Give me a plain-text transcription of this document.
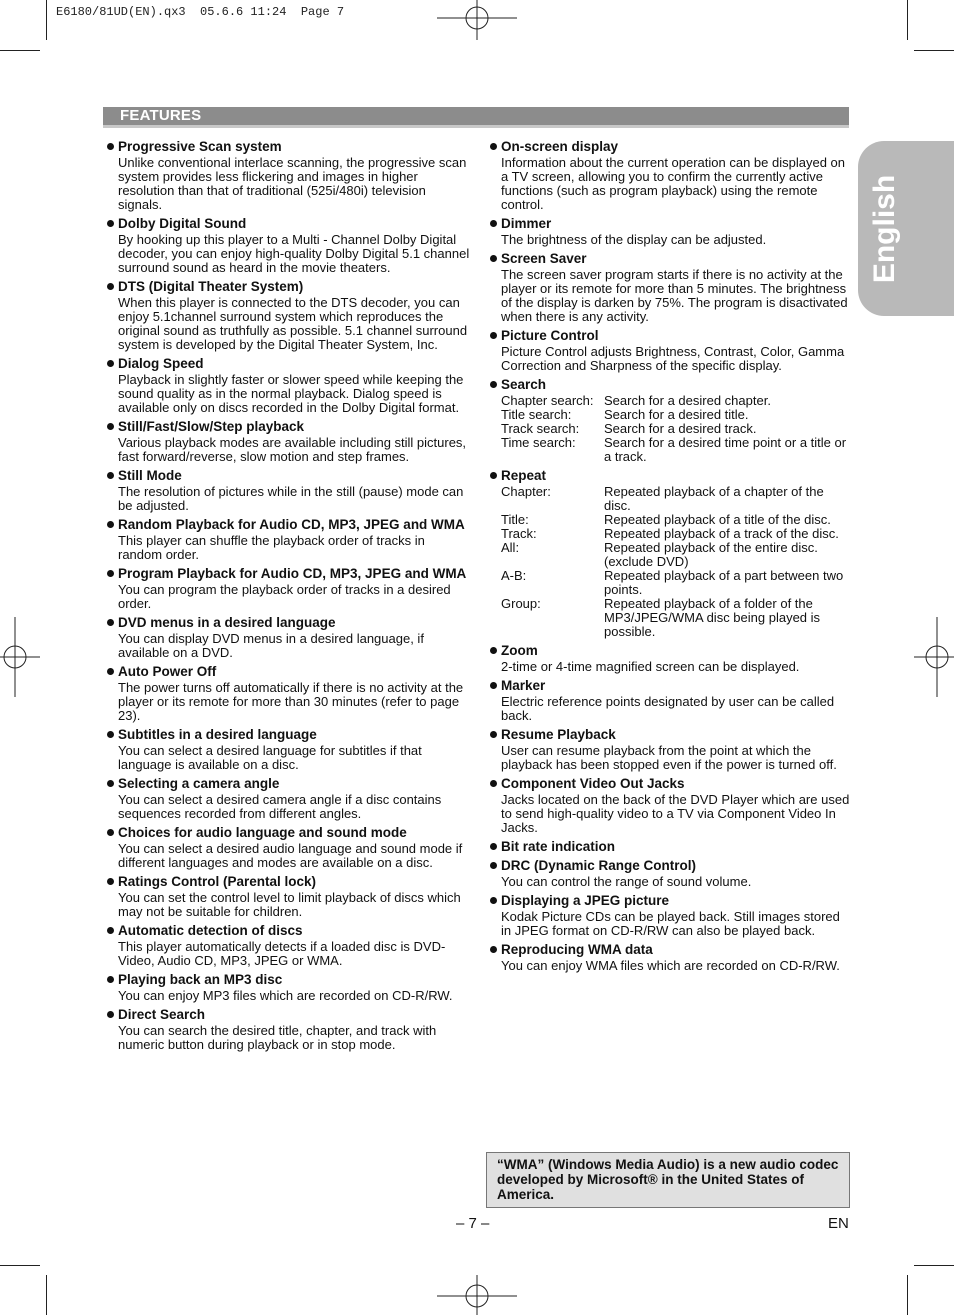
E6180/81UD(EN).qx3  05.6.6 11:24  Page 7
FEATURES
English
Progressive Scan system
Unlike conventional interlace scanning, the progressive scan system provides less flickering and images in higher resolution than that of traditional (525i/480i) television signals.
Dolby Digital Sound
By hooking up this player to a Multi - Channel Dolby Digital decoder, you can enjoy high-quality Dolby Digital 5.1 channel surround sound as heard in the movie theaters.
DTS (Digital Theater System)
When this player is connected to the DTS decoder, you can enjoy 5.1channel surround system which reproduces the original sound as truthfully as possible. 5.1 channel surround system is developed by the Digital Theater System, Inc.
Dialog Speed
Playback in slightly faster or slower speed while keeping the sound quality as in the normal playback. Dialog speed is available only on discs recorded in the Dolby Digital format.
Still/Fast/Slow/Step playback
Various playback modes are available including still pictures, fast forward/reverse, slow motion and step frames.
Still Mode
The resolution of pictures while in the still (pause) mode can be adjusted.
Random Playback for Audio CD, MP3, JPEG and WMA
This player can shuffle the playback order of tracks in random order.
Program Playback for Audio CD, MP3, JPEG and WMA
You can program the playback order of tracks in a desired order.
DVD menus in a desired language
You can display DVD menus in a desired language, if available on a DVD.
Auto Power Off
The power turns off automatically if there is no activity at the player or its remote for more than 30 minutes (refer to page 23).
Subtitles in a desired language
You can select a desired language for subtitles if that language is available on a disc.
Selecting a camera angle
You can select a desired camera angle if a disc contains sequences recorded from different angles.
Choices for audio language and sound mode
You can select a desired audio language and sound mode if different languages and modes are available on a disc.
Ratings Control (Parental lock)
You can set the control level to limit playback of discs which may not be suitable for children.
Automatic detection of discs
This player automatically detects if a loaded disc is DVD-Video, Audio CD, MP3, JPEG or WMA.
Playing back an MP3 disc
You can enjoy MP3 files which are recorded on CD-R/RW.
Direct Search
You can search the desired title, chapter, and track with numeric button during playback or in stop mode.
On-screen display
Information about the current operation can be displayed on a TV screen, allowing you to confirm the currently active functions (such as program playback) using the remote control.
Dimmer
The brightness of the display can be adjusted.
Screen Saver
The screen saver program starts if there is no activity at the player or its remote for more than 5 minutes. The brightness of the display is darken by 75%. The program is disactivated when there is any activity.
Picture Control
Picture Control adjusts Brightness, Contrast, Color, Gamma Correction and Sharpness of the specific display.
Search
Chapter search: Search for a desired chapter.
Title search:	Search for a desired title.
Track search:	Search for a desired track.
Time search:	Search for a desired time point or a title or a track.
Repeat
Chapter:	Repeated playback of a chapter of the disc.
Title:	Repeated playback of a title of the disc.
Track:	Repeated playback of a track of the disc.
All:	Repeated playback of the entire disc. (exclude DVD)
A-B:	Repeated playback of a part between two points.
Group:	Repeated playback of a folder of the MP3/JPEG/WMA disc being played is possible.
Zoom
2-time or 4-time magnified screen can be displayed.
Marker
Electric reference points designated by user can be called back.
Resume Playback
User can resume playback from the point at which the playback has been stopped even if the power is turned off.
Component Video Out Jacks
Jacks located on the back of the DVD Player which are used to send high-quality video to a TV via Component Video In Jacks.
Bit rate indication
DRC (Dynamic Range Control)
You can control the range of sound volume.
Displaying a JPEG picture
Kodak Picture CDs can be played back. Still images stored in JPEG format on CD-R/RW can also be played back.
Reproducing WMA data
You can enjoy WMA files which are recorded on CD-R/RW.
“WMA” (Windows Media Audio) is a new audio codec developed by Microsoft® in the United States of America.
– 7 –	EN
